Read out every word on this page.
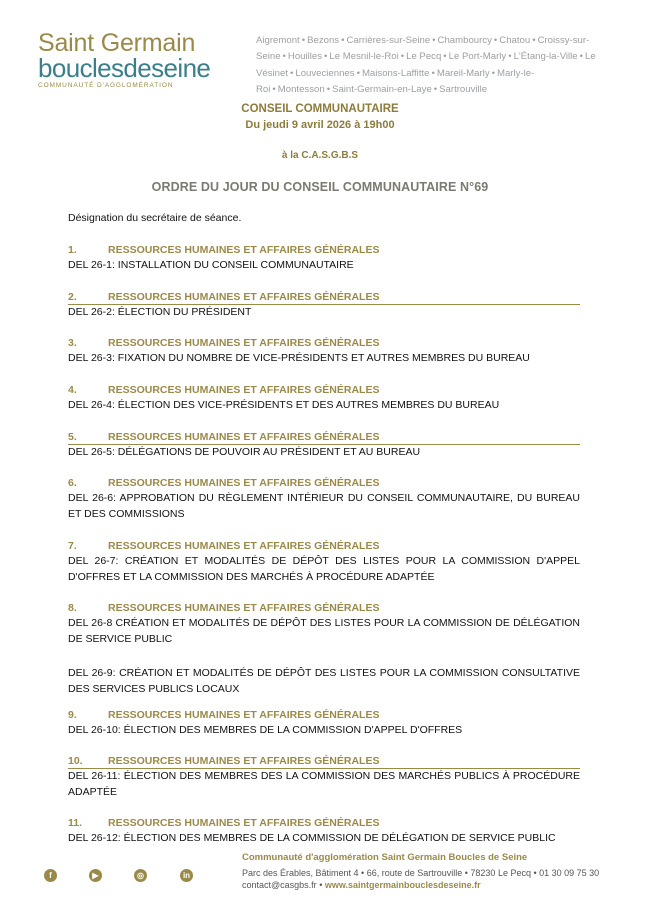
Saint Germain
bouclesdeseine
COMMUNAUTÉ D'AGGLOMÉRATION
Aigremont • Bezons • Carrières-sur-Seine • Chambourcy • Chatou • Croissy-sur-Seine • Houilles • Le Mesnil-le-Roi • Le Pecq • Le Port-Marly • L'Étang-la-Ville • Le Vésinet • Louveciennes • Maisons-Laffitte • Mareil-Marly • Marly-le-Roi • Montesson • Saint-Germain-en-Laye • Sartrouville
CONSEIL COMMUNAUTAIRE
Du jeudi 9 avril 2026 à 19h00
à la C.A.S.G.B.S
ORDRE DU JOUR DU CONSEIL COMMUNAUTAIRE N°69
Désignation du secrétaire de séance.
1.	RESSOURCES HUMAINES ET AFFAIRES GÉNÉRALES
DEL 26-1: INSTALLATION DU CONSEIL COMMUNAUTAIRE
2.	RESSOURCES HUMAINES ET AFFAIRES GÉNÉRALES
DEL 26-2: ÉLECTION DU PRÉSIDENT
3.	RESSOURCES HUMAINES ET AFFAIRES GÉNÉRALES
DEL 26-3: FIXATION DU NOMBRE DE VICE-PRÉSIDENTS ET AUTRES MEMBRES DU BUREAU
4.	RESSOURCES HUMAINES ET AFFAIRES GÉNÉRALES
DEL 26-4: ÉLECTION DES VICE-PRÉSIDENTS ET DES AUTRES MEMBRES DU BUREAU
5.	RESSOURCES HUMAINES ET AFFAIRES GÉNÉRALES
DEL 26-5: DÉLÉGATIONS DE POUVOIR AU PRÉSIDENT ET AU BUREAU
6.	RESSOURCES HUMAINES ET AFFAIRES GÉNÉRALES
DEL 26-6: APPROBATION DU RÈGLEMENT INTÉRIEUR DU CONSEIL COMMUNAUTAIRE, DU BUREAU ET DES COMMISSIONS
7.	RESSOURCES HUMAINES ET AFFAIRES GÉNÉRALES
DEL 26-7: CRÉATION ET MODALITÉS DE DÉPÔT DES LISTES POUR LA COMMISSION D'APPEL D'OFFRES ET LA COMMISSION DES MARCHÉS À PROCÉDURE ADAPTÉE
8.	RESSOURCES HUMAINES ET AFFAIRES GÉNÉRALES
DEL 26-8 CRÉATION ET MODALITÉS DE DÉPÔT DES LISTES POUR LA COMMISSION DE DÉLÉGATION DE SERVICE PUBLIC
DEL 26-9: CRÉATION ET MODALITÉS DE DÉPÔT DES LISTES POUR LA COMMISSION CONSULTATIVE DES SERVICES PUBLICS LOCAUX
9.	RESSOURCES HUMAINES ET AFFAIRES GÉNÉRALES
DEL 26-10: ÉLECTION DES MEMBRES DE LA COMMISSION D'APPEL D'OFFRES
10. RESSOURCES HUMAINES ET AFFAIRES GÉNÉRALES
DEL 26-11: ÉLECTION DES MEMBRES DES LA COMMISSION DES MARCHÉS PUBLICS À PROCÉDURE ADAPTÉE
11. RESSOURCES HUMAINES ET AFFAIRES GÉNÉRALES
DEL 26-12: ÉLECTION DES MEMBRES DE LA COMMISSION DE DÉLÉGATION DE SERVICE PUBLIC
f	▶	◎	in
Communauté d'agglomération Saint Germain Boucles de Seine
Parc des Érables, Bâtiment 4 • 66, route de Sartrouville • 78230 Le Pecq • 01 30 09 75 30
contact@casgbs.fr • www.saintgermainbouclesdeseine.fr
